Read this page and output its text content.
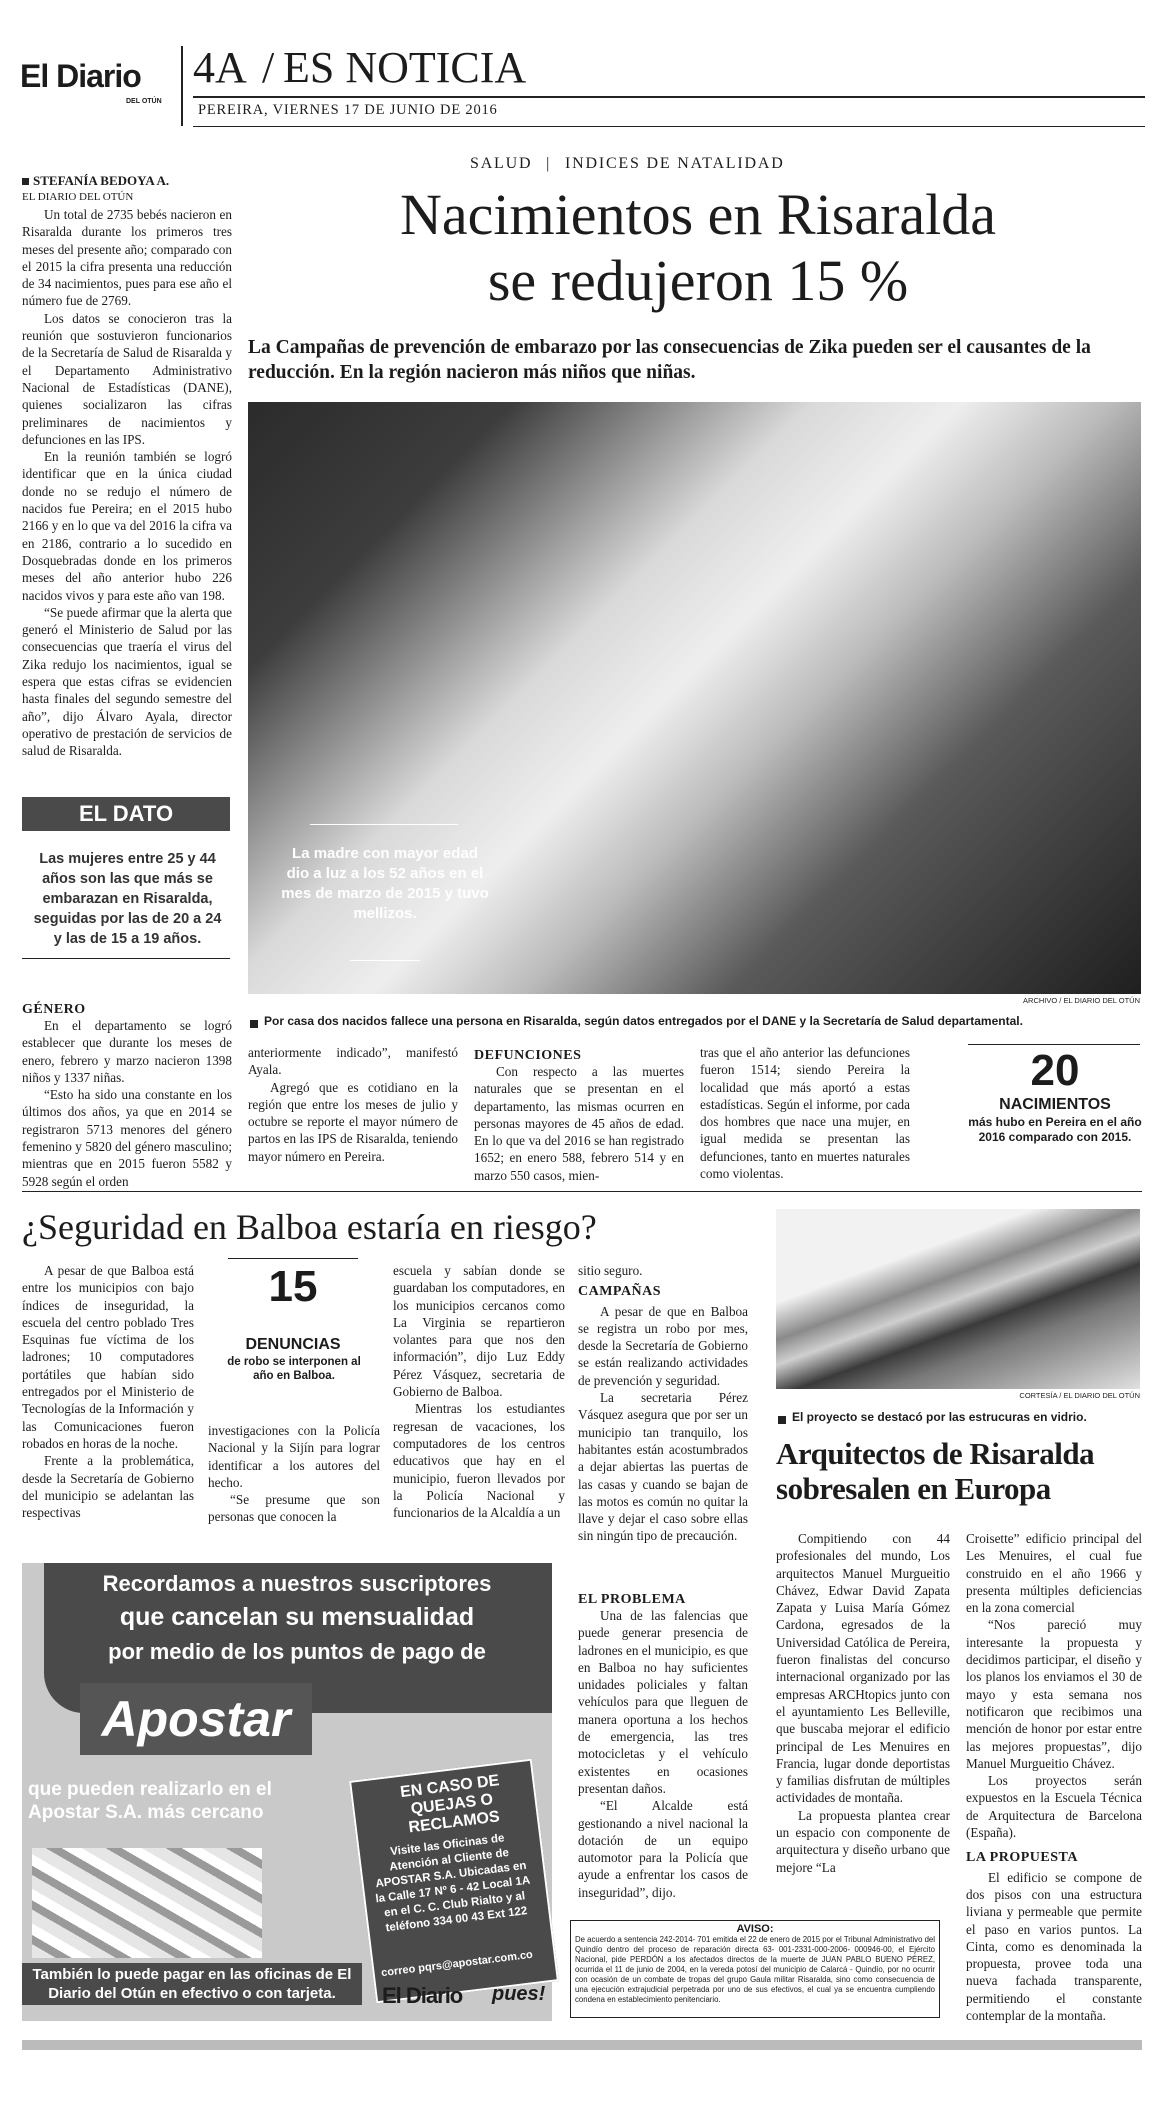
El Diario
DEL OTÚN
4A / ES NOTICIA
PEREIRA, VIERNES 17 DE JUNIO DE 2016
SALUD | INDICES DE NATALIDAD
Nacimientos en Risaralda
se redujeron 15 %
La Campañas de prevención de embarazo por las consecuencias de Zika pueden ser el causantes de la reducción. En la región nacieron más niños que niñas.
STEFANÍA BEDOYA A.
EL DIARIO DEL OTÚN

Un total de 2735 bebés nacieron en Risaralda durante los primeros tres meses del presente año; comparado con el 2015 la cifra presenta una reducción de 34 nacimientos, pues para ese año el número fue de 2769.

Los datos se conocieron tras la reunión que sostuvieron funcionarios de la Secretaría de Salud de Risaralda y el Departamento Administrativo Nacional de Estadísticas (DANE), quienes socializaron las cifras preliminares de nacimientos y defunciones en las IPS.

En la reunión también se logró identificar que en la única ciudad donde no se redujo el número de nacidos fue Pereira; en el 2015 hubo 2166 y en lo que va del 2016 la cifra va en 2186, contrario a lo sucedido en Dosquebradas donde en los primeros meses del año anterior hubo 226 nacidos vivos y para este año van 198.

“Se puede afirmar que la alerta que generó el Ministerio de Salud por las consecuencias que traería el virus del Zika redujo los nacimientos, igual se espera que estas cifras se evidencien hasta finales del segundo semestre del año”, dijo Álvaro Ayala, director operativo de prestación de servicios de salud de Risaralda.

EL DATO
Las mujeres entre 25 y 44 años son las que más se embarazan en Risaralda, seguidas por las de 20 a 24 y las de 15 a 19 años.
La madre con mayor edad dio a luz a los 52 años en el mes de marzo de 2015 y tuvo mellizos.
ARCHIVO / EL DIARIO DEL OTÚN
Por casa dos nacidos fallece una persona en Risaralda, según datos entregados por el DANE y la Secretaría de Salud departamental.
GÉNERO

En el departamento se logró establecer que durante los meses de enero, febrero y marzo nacieron 1398 niños y 1337 niñas.

“Esto ha sido una constante en los últimos dos años, ya que en 2014 se registraron 5713 menores del género femenino y 5820 del género masculino; mientras que en 2015 fueron 5582 y 5928 según el orden

anteriormente indicado”, manifestó Ayala.

Agregó que es cotidiano en la región que entre los meses de julio y octubre se reporte el mayor número de partos en las IPS de Risaralda, teniendo mayor número en Pereira.

DEFUNCIONES

Con respecto a las muertes naturales que se presentan en el departamento, las mismas ocurren en personas mayores de 45 años de edad. En lo que va del 2016 se han registrado 1652; en enero 588, febrero 514 y en marzo 550 casos, mien-

tras que el año anterior las defunciones fueron 1514; siendo Pereira la localidad que más aportó a estas estadísticas. Según el informe, por cada dos hombres que nace una mujer, en igual medida se presentan las defunciones, tanto en muertes naturales como violentas.

20
NACIMIENTOS
más hubo en Pereira en el año 2016 comparado con 2015.
¿Seguridad en Balboa estaría en riesgo?

A pesar de que Balboa está entre los municipios con bajo índices de inseguridad, la escuela del centro poblado Tres Esquinas fue víctima de los ladrones; 10 computadores portátiles que habían sido entregados por el Ministerio de Tecnologías de la Información y las Comunicaciones fueron robados en horas de la noche.

Frente a la problemática, desde la Secretaría de Gobierno del municipio se adelantan las respectivas

15
DENUNCIAS
de robo se interponen al año en Balboa.

investigaciones con la Policía Nacional y la Sijín para lograr identificar a los autores del hecho.

“Se presume que son personas que conocen la

escuela y sabían donde se guardaban los computadores, en los municipios cercanos como La Virginia se repartieron volantes para que nos den información”, dijo Luz Eddy Pérez Vásquez, secretaria de Gobierno de Balboa.

Mientras los estudiantes regresan de vacaciones, los computadores de los centros educativos que hay en el municipio, fueron llevados por la Policía Nacional y funcionarios de la Alcaldía a un

sitio seguro.

CAMPAÑAS

A pesar de que en Balboa se registra un robo por mes, desde la Secretaría de Gobierno se están realizando actividades de prevención y seguridad.

La secretaria Pérez Vásquez asegura que por ser un municipio tan tranquilo, los habitantes están acostumbrados a dejar abiertas las puertas de las casas y cuando se bajan de las motos es común no quitar la llave y dejar el caso sobre ellas sin ningún tipo de precaución.

EL PROBLEMA

Una de las falencias que puede generar presencia de ladrones en el municipio, es que en Balboa no hay suficientes unidades policiales y faltan vehículos para que lleguen de manera oportuna a los hechos de emergencia, las tres motocicletas y el vehículo existentes en ocasiones presentan daños.

“El Alcalde está gestionando a nivel nacional la dotación de un equipo automotor para la Policía que ayude a enfrentar los casos de inseguridad”, dijo.

CORTESÍA / EL DIARIO DEL OTÚN
El proyecto se destacó por las estrucuras en vidrio.
Arquitectos de Risaralda sobresalen en Europa

Compitiendo con 44 profesionales del mundo, Los arquitectos Manuel Murgueitio Chávez, Edwar David Zapata Zapata y Luisa María Gómez Cardona, egresados de la Universidad Católica de Pereira, fueron finalistas del concurso internacional organizado por las empresas ARCHtopics junto con el ayuntamiento Les Belleville, que buscaba mejorar el edificio principal de Les Menuires en Francia, lugar donde deportistas y familias disfrutan de múltiples actividades de montaña.

La propuesta plantea crear un espacio con componente de arquitectura y diseño urbano que mejore “La

Croisette” edificio principal del Les Menuires, el cual fue construido en el año 1966 y presenta múltiples deficiencias en la zona comercial

“Nos pareció muy interesante la propuesta y decidimos participar, el diseño y los planos los enviamos el 30 de mayo y esta semana nos notificaron que recibimos una mención de honor por estar entre las mejores propuestas”, dijo Manuel Murgueitio Chávez.

Los proyectos serán expuestos en la Escuela Técnica de Arquitectura de Barcelona (España).

LA PROPUESTA

El edificio se compone de dos pisos con una estructura liviana y permeable que permite el paso en varios puntos. La Cinta, como es denominada la propuesta, provee toda una nueva fachada transparente, permitiendo el constante contemplar de la montaña.

Recordamos a nuestros suscriptores
que cancelan su mensualidad
por medio de los puntos de pago de
Apostar
que pueden realizarlo en el Apostar S.A. más cercano
EN CASO DE QUEJAS O RECLAMOS
Visite las Oficinas de Atención al Cliente de APOSTAR S.A. Ubicadas en la Calle 17 Nº 6 - 42 Local 1A en el C. C. Club Rialto y al teléfono 334 00 43 Ext 122
correo pqrs@apostar.com.co
También lo puede pagar en las oficinas de El Diario del Otún en efectivo o con tarjeta.	El Diario pues!
AVISO:
De acuerdo a sentencia 242-2014- 701 emitida el 22 de enero de 2015 por el Tribunal Administrativo del Quindío dentro del proceso de reparación directa 63- 001-2331-000-2006- 000946-00, el Ejército Nacional, pide PERDÓN a los afectados directos de la muerte de JUAN PABLO BUENO PÉREZ, ocurrida el 11 de junio de 2004, en la vereda potosí del municipio de Calarcá - Quindío, por no ocurrir con ocasión de un combate de tropas del grupo Gaula militar Risaralda, sino como consecuencia de una ejecución extrajudicial perpetrada por uno de sus efectivos, el cual ya se encuentra cumpliendo condena en establecimiento penitenciario.
